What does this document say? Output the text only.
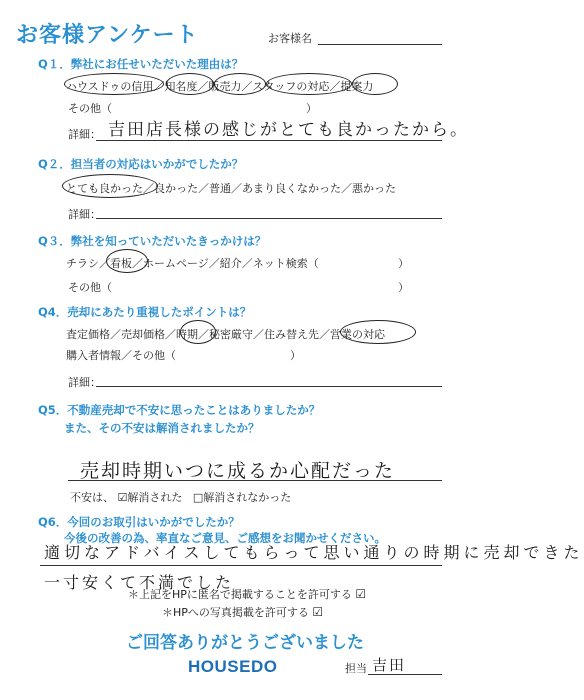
お客様アンケート	お客様名
Q１．弊社にお任せいただいた理由は？
ハウスドゥの信用／知名度／販売力／スタッフの対応／提案力
その他（	）
詳細： 吉田店長様の感じがとても良かったから。
Q２．担当者の対応はいかがでしたか？
とても良かった／良かった／普通／あまり良くなかった／悪かった
詳細：
Q３．弊社を知っていただいたきっかけは？
チラシ／看板／ホームページ／紹介／ネット検索（	）
その他（	）
Q4．売却にあたり重視したポイントは？
査定価格／売却価格／時期／秘密厳守／住み替え先／営業の対応
購入者情報／その他（	）
詳細：
Q5．不動産売却で不安に思ったことはありましたか？
また、その不安は解消されましたか？
売却時期いつに成るか心配だった
不安は、 ☑解消された □解消されなかった
Q6．今回のお取引はいかがでしたか？
今後の改善の為、率直なご意見、ご感想をお聞かせください。
適切なアドバイスしてもらって思い通りの時期に売却できた
一寸安くて不満でした
＊上記をHPに匿名で掲載することを許可する ☑
＊HPへの写真掲載を許可する ☑
ご回答ありがとうございました
HOUSEDO	担当 吉田
